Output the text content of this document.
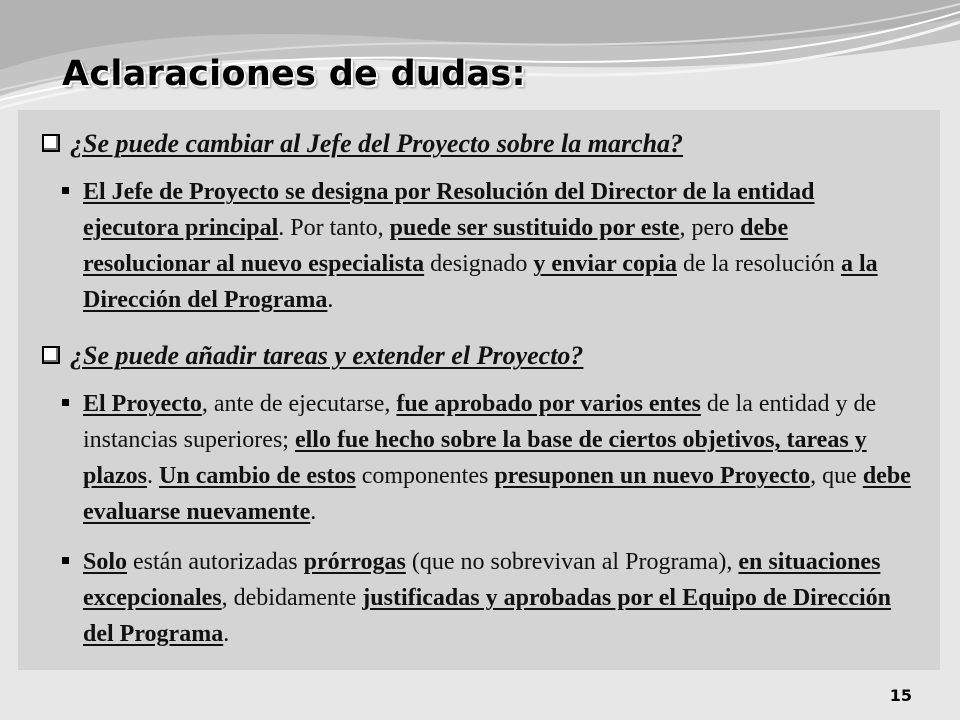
Aclaraciones de dudas:
¿Se puede cambiar al Jefe del Proyecto sobre la marcha?
El Jefe de Proyecto se designa por Resolución del Director de la entidad ejecutora principal. Por tanto, puede ser sustituido por este, pero debe resolucionar al nuevo especialista designado y enviar copia de la resolución a la Dirección del Programa.
¿Se puede añadir tareas y extender el Proyecto?
El Proyecto, ante de ejecutarse, fue aprobado por varios entes de la entidad y de instancias superiores; ello fue hecho sobre la base de ciertos objetivos, tareas y plazos. Un cambio de estos componentes presuponen un nuevo Proyecto, que debe evaluarse nuevamente.
Solo están autorizadas prórrogas (que no sobrevivan al Programa), en situaciones excepcionales, debidamente justificadas y aprobadas por el Equipo de Dirección del Programa.
15
